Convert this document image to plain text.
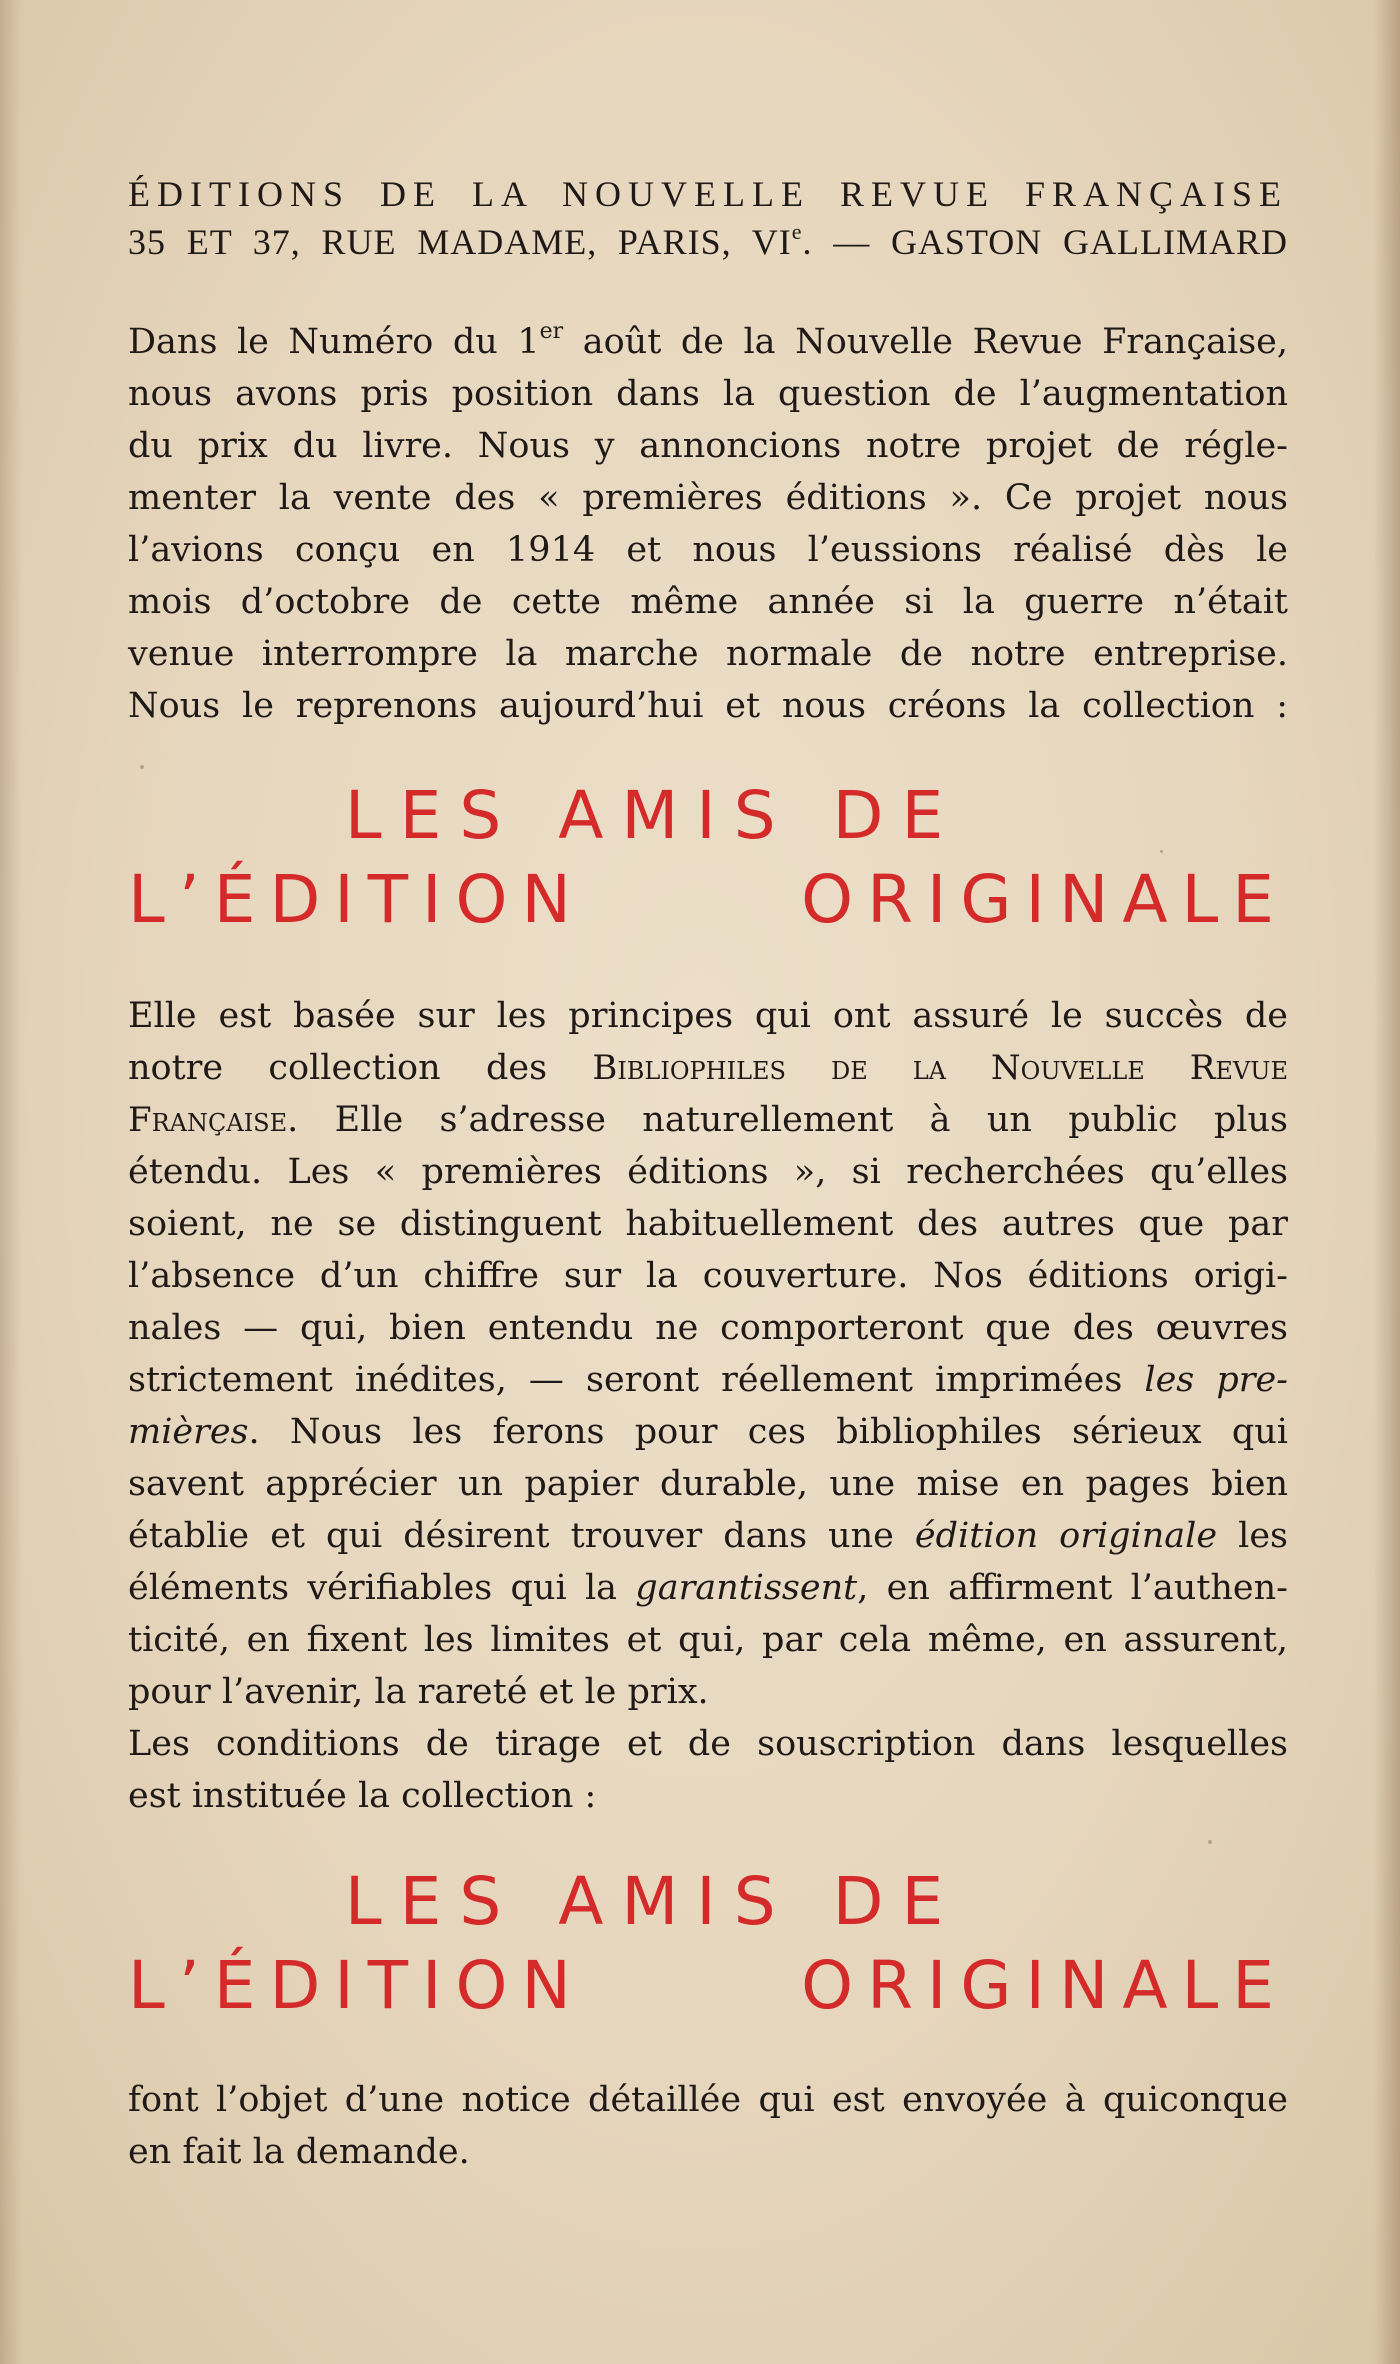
ÉDITIONS DE LA NOUVELLE REVUE FRANÇAISE
35 ET 37, RUE MADAME, PARIS, VIe. — GASTON GALLIMARD
Dans le Numéro du 1er août de la Nouvelle Revue Française,
nous avons pris position dans la question de l’augmentation
du prix du livre. Nous y annoncions notre projet de régle-
menter la vente des « premières éditions ». Ce projet nous
l’avions conçu en 1914 et nous l’eussions réalisé dès le
mois d’octobre de cette même année si la guerre n’était
venue interrompre la marche normale de notre entreprise.
Nous le reprenons aujourd’hui et nous créons la collection :
LES AMIS DE
L’ÉDITION ORIGINALE
Elle est basée sur les principes qui ont assuré le succès de
notre collection des Bibliophiles de la Nouvelle Revue
Française. Elle s’adresse naturellement à un public plus
étendu. Les « premières éditions », si recherchées qu’elles
soient, ne se distinguent habituellement des autres que par
l’absence d’un chiffre sur la couverture. Nos éditions origi-
nales — qui, bien entendu ne comporteront que des œuvres
strictement inédites, — seront réellement imprimées les pre-
mières. Nous les ferons pour ces bibliophiles sérieux qui
savent apprécier un papier durable, une mise en pages bien
établie et qui désirent trouver dans une édition originale les
éléments vérifiables qui la garantissent, en affirment l’authen-
ticité, en fixent les limites et qui, par cela même, en assurent,
pour l’avenir, la rareté et le prix.
Les conditions de tirage et de souscription dans lesquelles
est instituée la collection :
LES AMIS DE
L’ÉDITION ORIGINALE
font l’objet d’une notice détaillée qui est envoyée à quiconque
en fait la demande.
